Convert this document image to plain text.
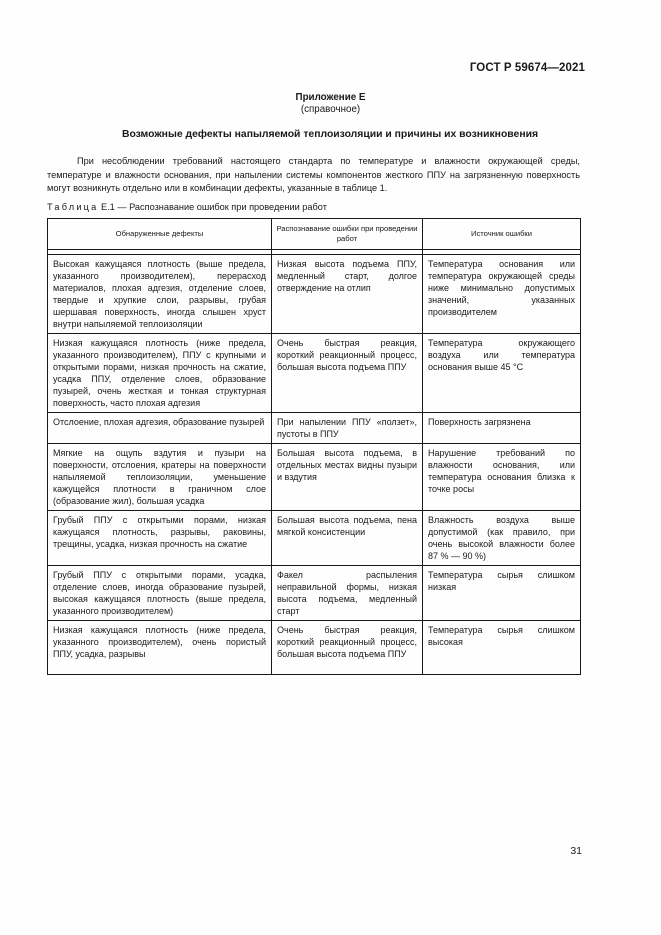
ГОСТ Р 59674—2021
Приложение Е
(справочное)
Возможные дефекты напыляемой теплоизоляции и причины их возникновения

При несоблюдении требований настоящего стандарта по температуре и влажности окружающей среды, температуре и влажности основания, при напылении системы компонентов жесткого ППУ на загрязненную поверхность могут возникнуть отдельно или в комбинации дефекты, указанные в таблице 1.

Таблица Е.1 — Распознавание ошибок при проведении работ
Обнаруженные дефекты	Распознавание ошибки при проведении работ	Источник ошибки

Высокая кажущаяся плотность (выше предела, указанного производителем), перерасход материалов, плохая адгезия, отделение слоев, твердые и хрупкие слои, разрывы, грубая шершавая поверхность, иногда слышен хруст внутри напыляемой теплоизоляции	Низкая высота подъема ППУ, медленный старт, долгое отверждение на отлип	Температура основания или температура окружающей среды ниже минимально допустимых значений, указанных производителем
Низкая кажущаяся плотность (ниже предела, указанного производителем), ППУ с крупными и открытыми порами, низкая прочность на сжатие, усадка ППУ, отделение слоев, образование пузырей, очень жесткая и тонкая структурная поверхность, часто плохая адгезия	Очень быстрая реакция, короткий реакционный процесс, большая высота подъема ППУ	Температура окружающего воздуха или температура основания выше 45 °C
Отслоение, плохая адгезия, образование пузырей	При напылении ППУ «ползет», пустоты в ППУ	Поверхность загрязнена
Мягкие на ощупь вздутия и пузыри на поверхности, отслоения, кратеры на поверхности напыляемой теплоизоляции, уменьшение кажущейся плотности в граничном слое (образование жил), большая усадка	Большая высота подъема, в отдельных местах видны пузыри и вздутия	Нарушение требований по влажности основания, или температура основания близка к точке росы
Грубый ППУ с открытыми порами, низкая кажущаяся плотность, разрывы, раковины, трещины, усадка, низкая прочность на сжатие	Большая высота подъема, пена мягкой консистенции	Влажность воздуха выше допустимой (как правило, при очень высокой влажности более 87 % — 90 %)
Грубый ППУ с открытыми порами, усадка, отделение слоев, иногда образование пузырей, высокая кажущаяся плотность (выше предела, указанного производителем)	Факел распыления неправильной формы, низкая высота подъема, медленный старт	Температура сырья слишком низкая
Низкая кажущаяся плотность (ниже предела, указанного производителем), очень пористый ППУ, усадка, разрывы	Очень быстрая реакция, короткий реакционный процесс, большая высота подъема ППУ	Температура сырья слишком высокая
31
